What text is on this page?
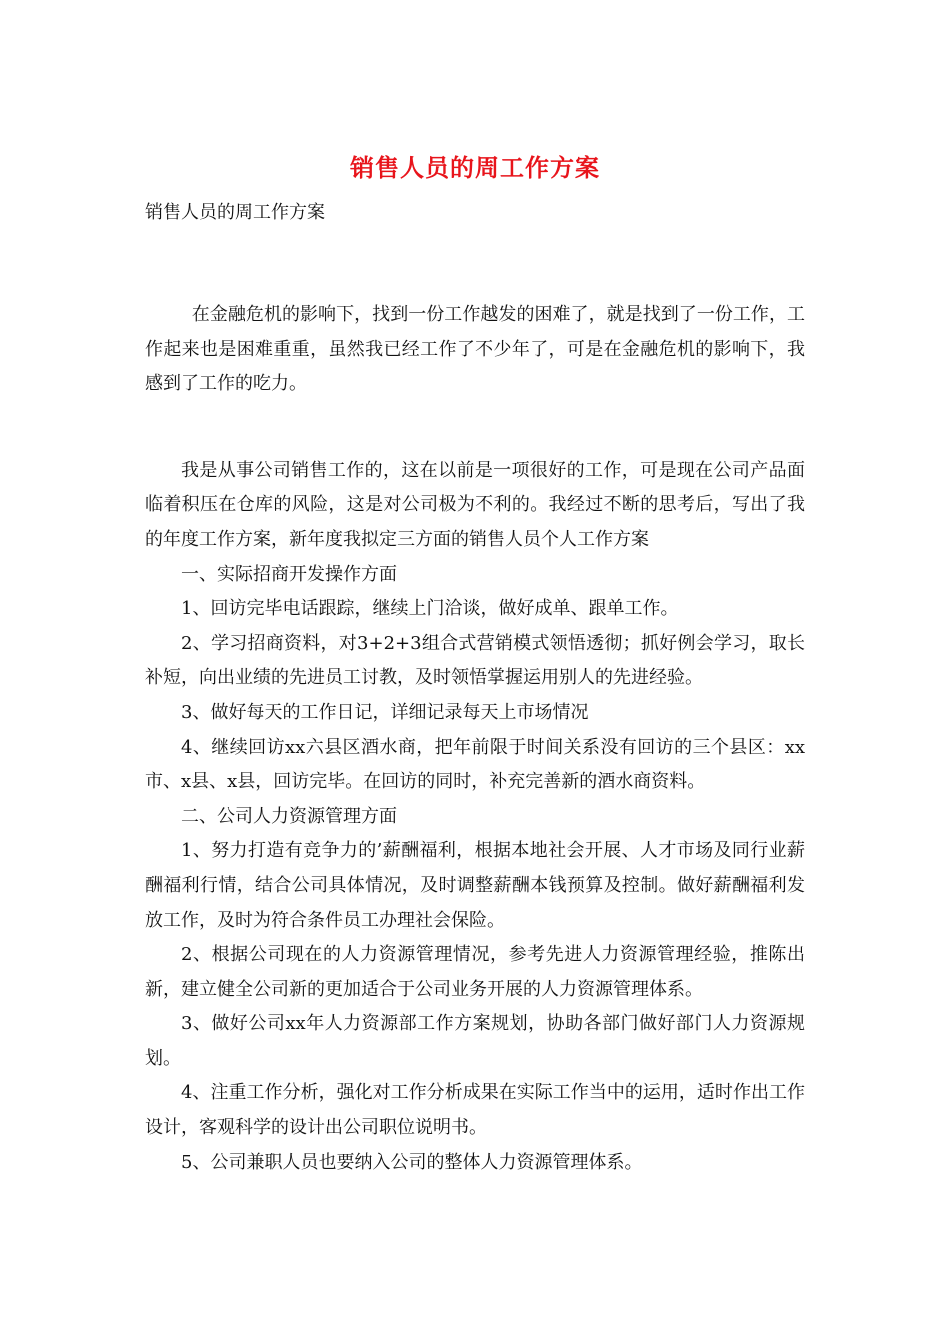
销售人员的周工作方案
销售人员的周工作方案

在金融危机的影响下，找到一份工作越发的困难了，就是找到了一份工作，工作起来也是困难重重，虽然我已经工作了不少年了，可是在金融危机的影响下，我感到了工作的吃力。

我是从事公司销售工作的，这在以前是一项很好的工作，可是现在公司产品面临着积压在仓库的风险，这是对公司极为不利的。我经过不断的思考后，写出了我的年度工作方案，新年度我拟定三方面的销售人员个人工作方案

一、实际招商开发操作方面

1、回访完毕电话跟踪，继续上门洽谈，做好成单、跟单工作。

2、学习招商资料，对3+2+3组合式营销模式领悟透彻；抓好例会学习，取长补短，向出业绩的先进员工讨教，及时领悟掌握运用别人的先进经验。

3、做好每天的工作日记，详细记录每天上市场情况

4、继续回访xx六县区酒水商，把年前限于时间关系没有回访的三个县区：xx市、x县、x县，回访完毕。在回访的同时，补充完善新的酒水商资料。

二、公司人力资源管理方面

1、努力打造有竞争力的’薪酬福利，根据本地社会开展、人才市场及同行业薪酬福利行情，结合公司具体情况，及时调整薪酬本钱预算及控制。做好薪酬福利发放工作，及时为符合条件员工办理社会保险。

2、根据公司现在的人力资源管理情况，参考先进人力资源管理经验，推陈出新，建立健全公司新的更加适合于公司业务开展的人力资源管理体系。

3、做好公司xx年人力资源部工作方案规划，协助各部门做好部门人力资源规划。

4、注重工作分析，强化对工作分析成果在实际工作当中的运用，适时作出工作设计，客观科学的设计出公司职位说明书。

5、公司兼职人员也要纳入公司的整体人力资源管理体系。
